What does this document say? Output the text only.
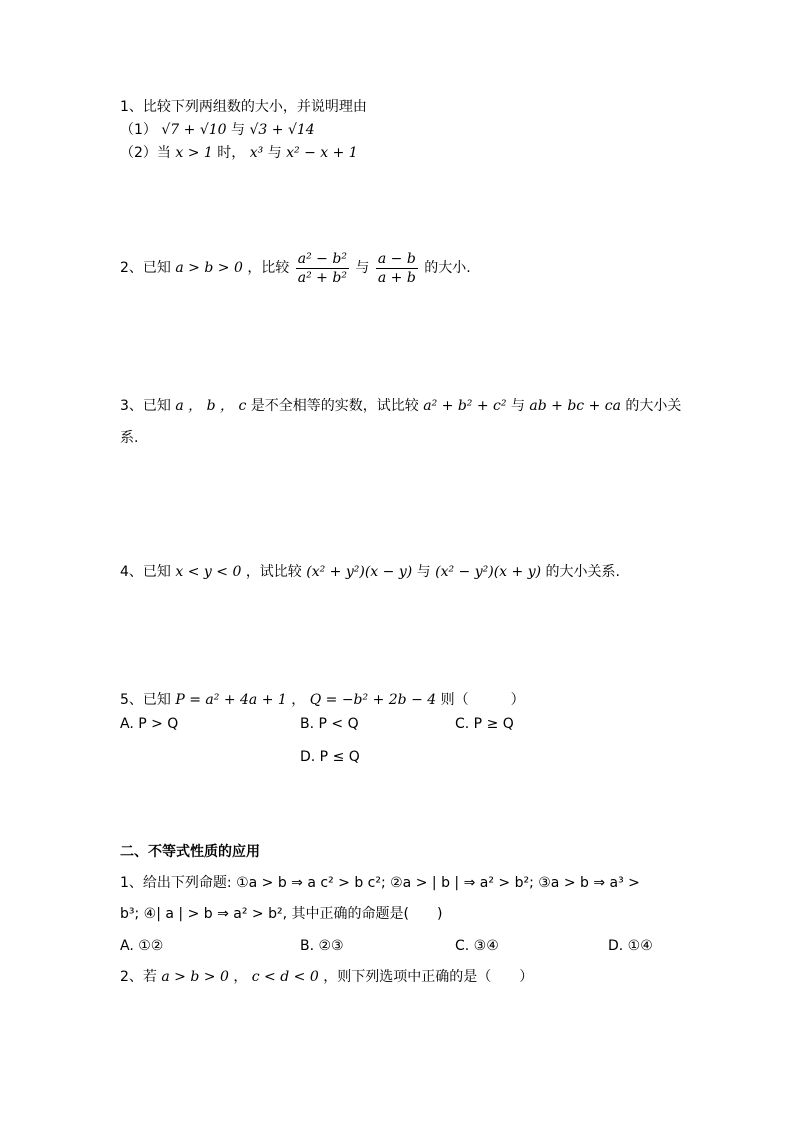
1、比较下列两组数的大小，并说明理由
（1） √7 + √10 与 √3 + √14
（2）当 x > 1 时， x³ 与 x² − x + 1
2、已知 a > b > 0 ，比较 $\frac{\text{a² − b²}}{\text{a² + b²}}$ 与 $\frac{a - b}{a + b}$ 的大小.
3、已知 a ， b ， c 是不全相等的实数，试比较 a² + b² + c² 与 ab + bc + ca 的大小关
系.
4、已知 x < y < 0 ，试比较 (x² + y²)(x − y) 与 (x² − y²)(x + y) 的大小关系.
5、已知 P = a² + 4a + 1 ， Q = −b² + 2b − 4 则（　　　）
A. P > Q	B. P < Q	C. P ≥ Q
D. P ≤ Q
二、不等式性质的应用
1、给出下列命题: ①a > b ⇒ a c² > b c²; ②a > | b | ⇒ a² > b²; ③a > b ⇒ a³ >
b³; ④| a | > b ⇒ a² > b², 其中正确的命题是(　　)
A. ①②	B. ②③	C. ③④	D. ①④
2、若 a > b > 0 ， c < d < 0 ，则下列选项中正确的是（　　）
